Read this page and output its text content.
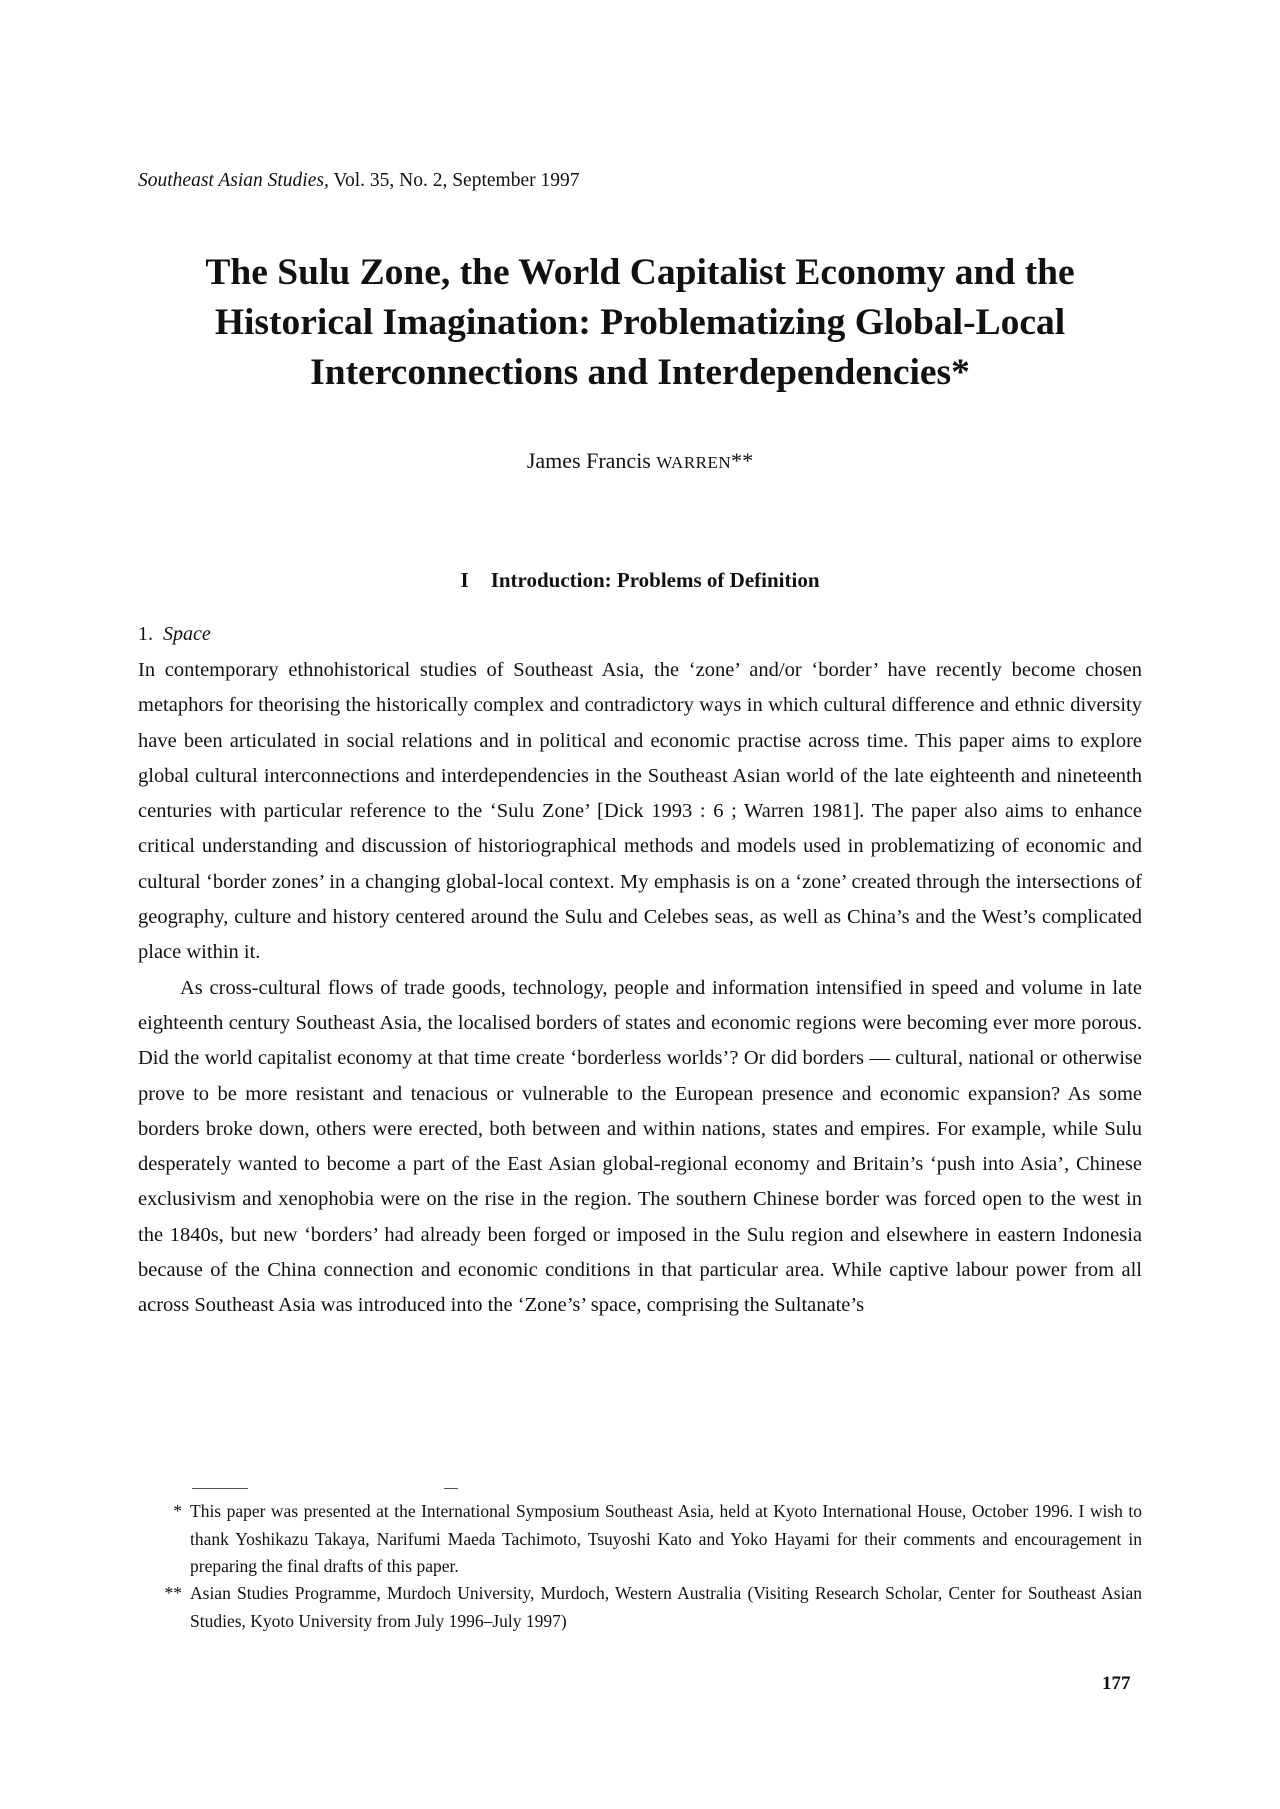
Southeast Asian Studies, Vol. 35, No. 2, September 1997
The Sulu Zone, the World Capitalist Economy and the
Historical Imagination: Problematizing Global-Local
Interconnections and Interdependencies*
James Francis WARREN**
I Introduction: Problems of Definition
1. Space

In contemporary ethnohistorical studies of Southeast Asia, the ‘zone’ and/or ‘border’ have recently become chosen metaphors for theorising the historically complex and contradictory ways in which cultural difference and ethnic diversity have been articulated in social relations and in political and economic practise across time. This paper aims to explore global cultural interconnections and interdependencies in the Southeast Asian world of the late eighteenth and nineteenth centuries with particular reference to the ‘Sulu Zone’ [Dick 1993 : 6 ; Warren 1981]. The paper also aims to enhance critical understanding and discussion of historiographical methods and models used in problematizing of economic and cultural ‘border zones’ in a changing global-local context. My emphasis is on a ‘zone’ created through the intersections of geography, culture and history centered around the Sulu and Celebes seas, as well as China’s and the West’s complicated place within it.

As cross-cultural flows of trade goods, technology, people and information intensified in speed and volume in late eighteenth century Southeast Asia, the localised borders of states and economic regions were becoming ever more porous. Did the world capitalist economy at that time create ‘borderless worlds’? Or did borders — cultural, national or otherwise prove to be more resistant and tenacious or vulnerable to the European presence and economic expansion? As some borders broke down, others were erected, both between and within nations, states and empires. For example, while Sulu desperately wanted to become a part of the East Asian global-regional economy and Britain’s ‘push into Asia’, Chinese exclusivism and xenophobia were on the rise in the region. The southern Chinese border was forced open to the west in the 1840s, but new ‘borders’ had already been forged or imposed in the Sulu region and elsewhere in eastern Indonesia because of the China connection and economic conditions in that particular area. While captive labour power from all across Southeast Asia was introduced into the ‘Zone’s’ space, comprising the Sultanate’s

* This paper was presented at the International Symposium Southeast Asia, held at Kyoto International House, October 1996. I wish to thank Yoshikazu Takaya, Narifumi Maeda Tachimoto, Tsuyoshi Kato and Yoko Hayami for their comments and encouragement in preparing the final drafts of this paper.
** Asian Studies Programme, Murdoch University, Murdoch, Western Australia (Visiting Research Scholar, Center for Southeast Asian Studies, Kyoto University from July 1996–July 1997)
177
